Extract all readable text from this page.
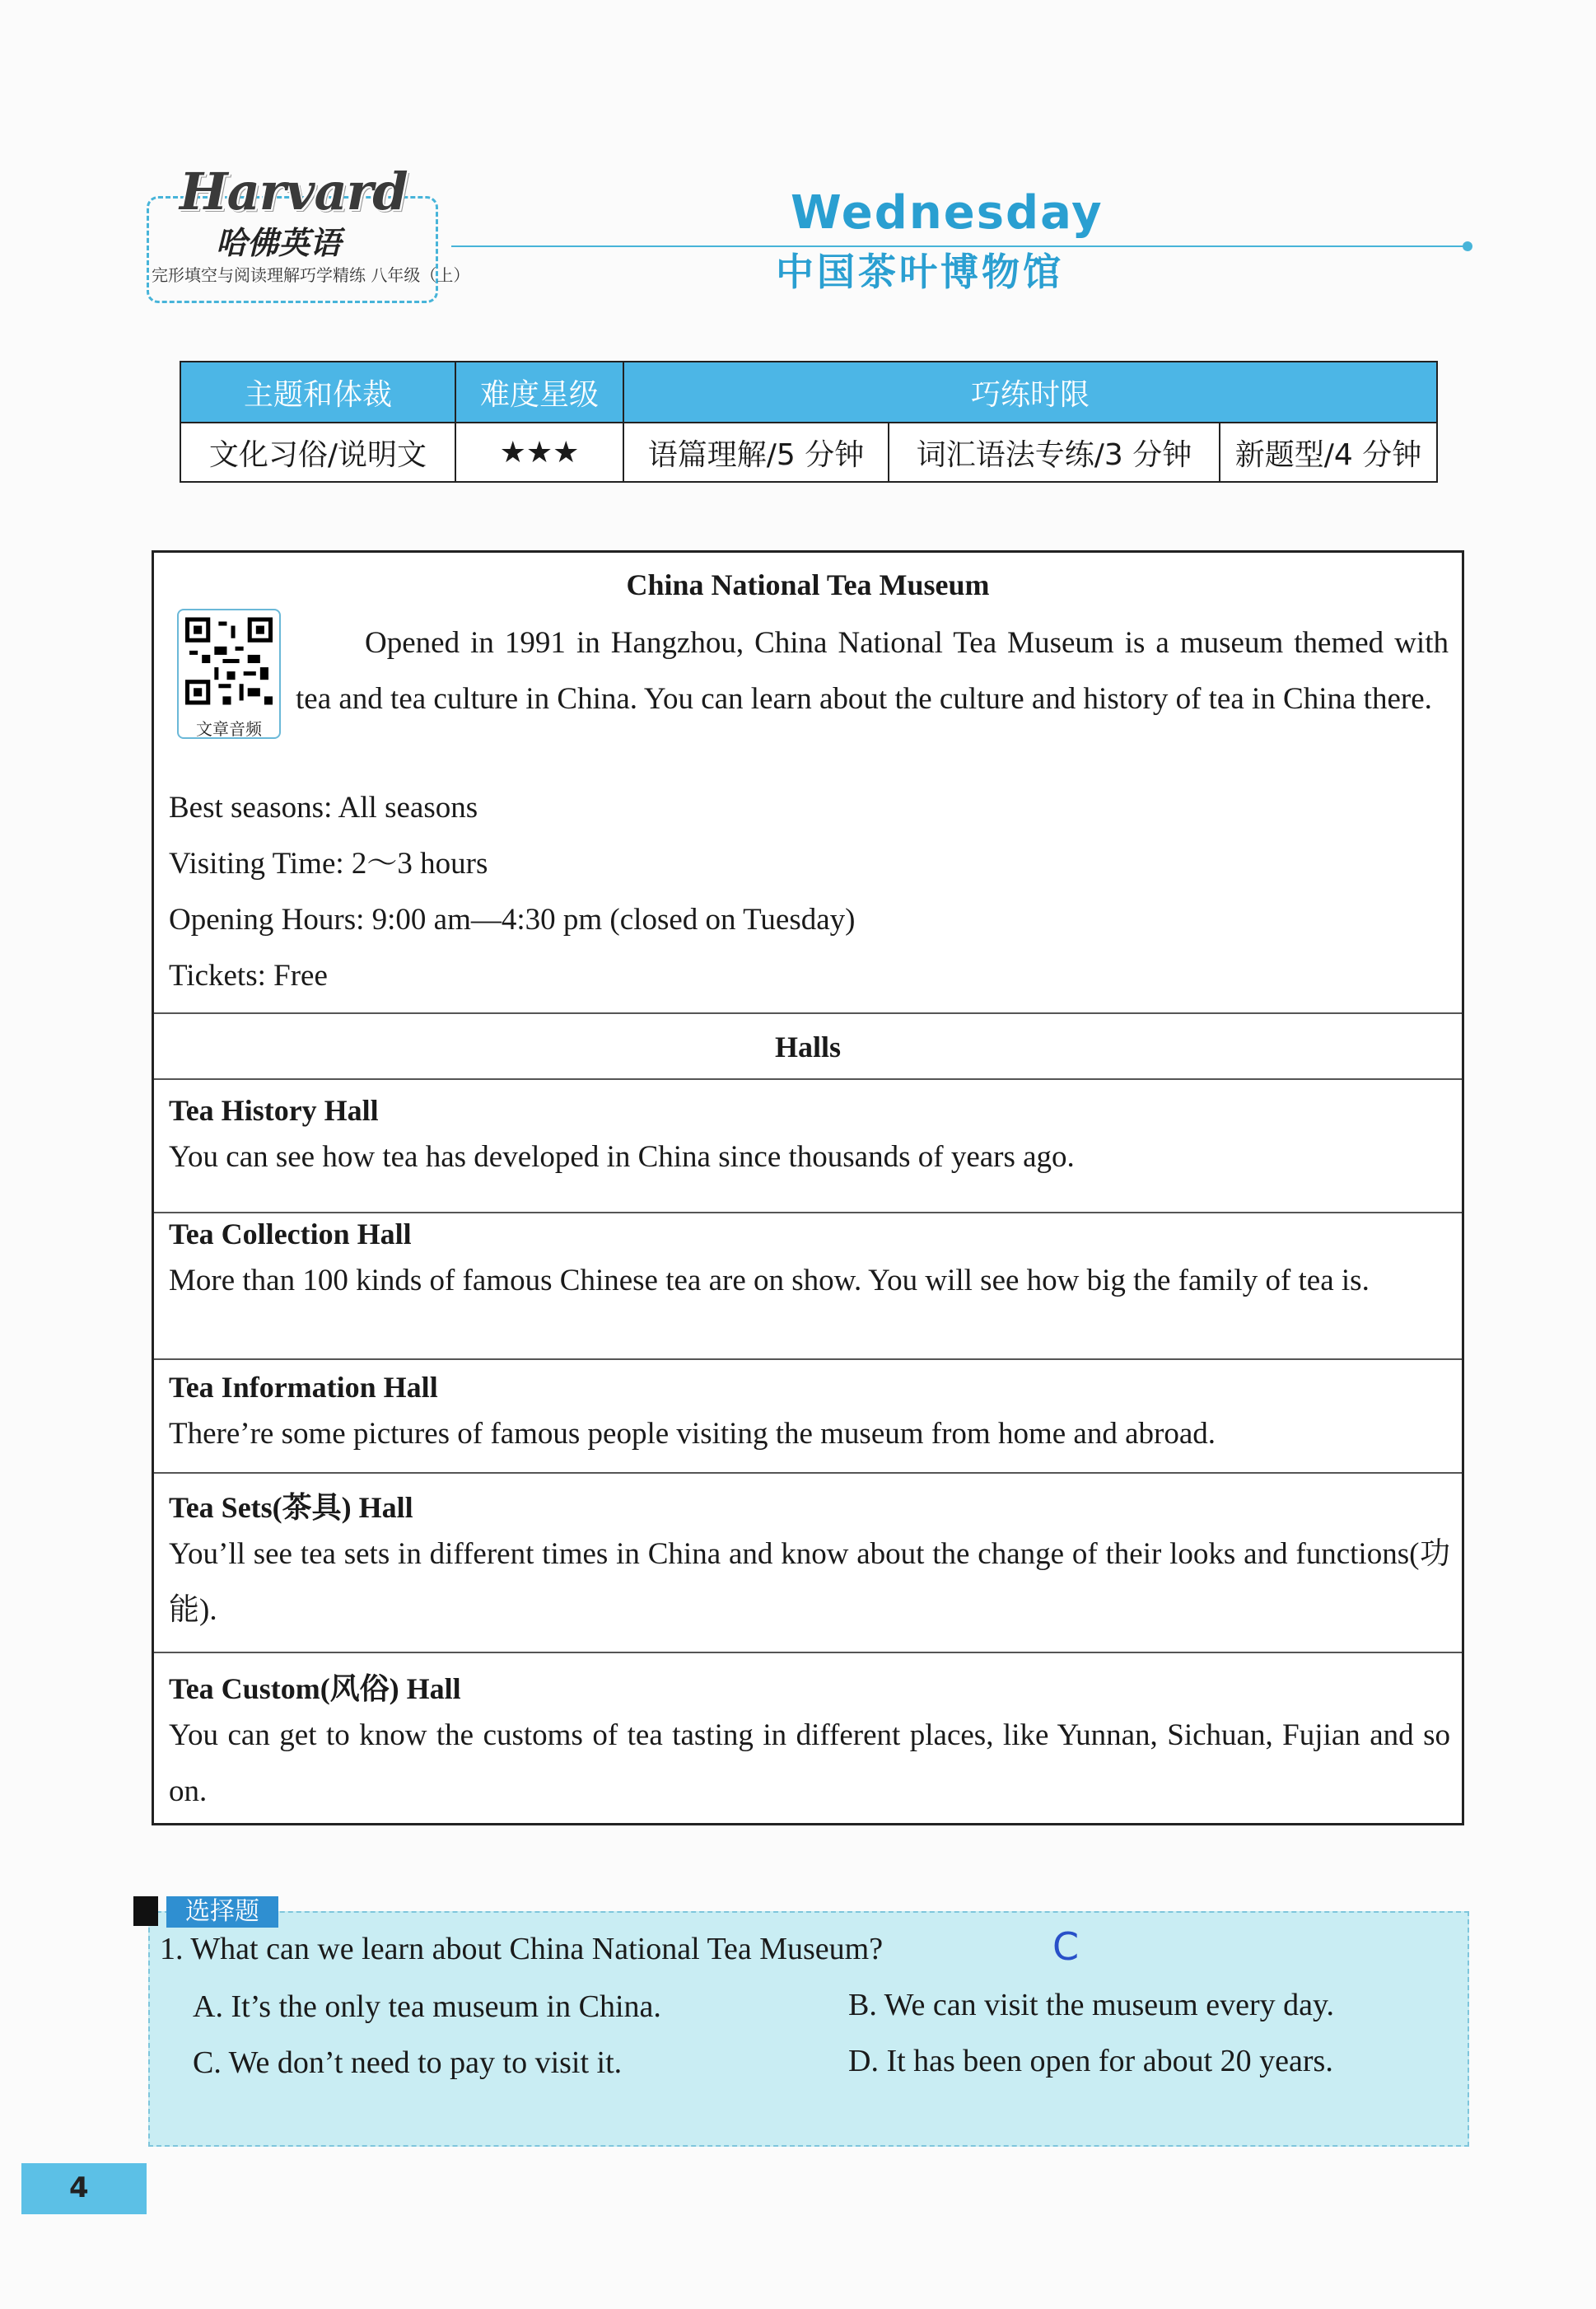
Harvard
哈佛英语
完形填空与阅读理解巧学精练 八年级（上）
Wednesday
中国茶叶博物馆
主题和体裁	难度星级	巧练时限		
文化习俗/说明文	★★★	语篇理解/5 分钟	词汇语法专练/3 分钟	新题型/4 分钟
China National Tea Museum
文章音频
Opened in 1991 in Hangzhou, China National Tea Museum is a museum themed with tea and tea culture in China. You can learn about the culture and history of tea in China there.
Best seasons: All seasons
Visiting Time: 2～3 hours
Opening Hours: 9:00 am—4:30 pm (closed on Tuesday)
Tickets: Free
Halls
Tea History Hall
You can see how tea has developed in China since thousands of years ago.
Tea Collection Hall
More than 100 kinds of famous Chinese tea are on show. You will see how big the family of tea is.
Tea Information Hall
There’re some pictures of famous people visiting the museum from home and abroad.
Tea Sets(茶具) Hall
You’ll see tea sets in different times in China and know about the change of their looks and functions(功能).
Tea Custom(风俗) Hall
You can get to know the customs of tea tasting in different places, like Yunnan, Sichuan, Fujian and so on.
1. What can we learn about China National Tea Museum?	C
A. It’s the only tea museum in China.	B. We can visit the museum every day.
C. We don’t need to pay to visit it.	D. It has been open for about 20 years.
选择题
4
